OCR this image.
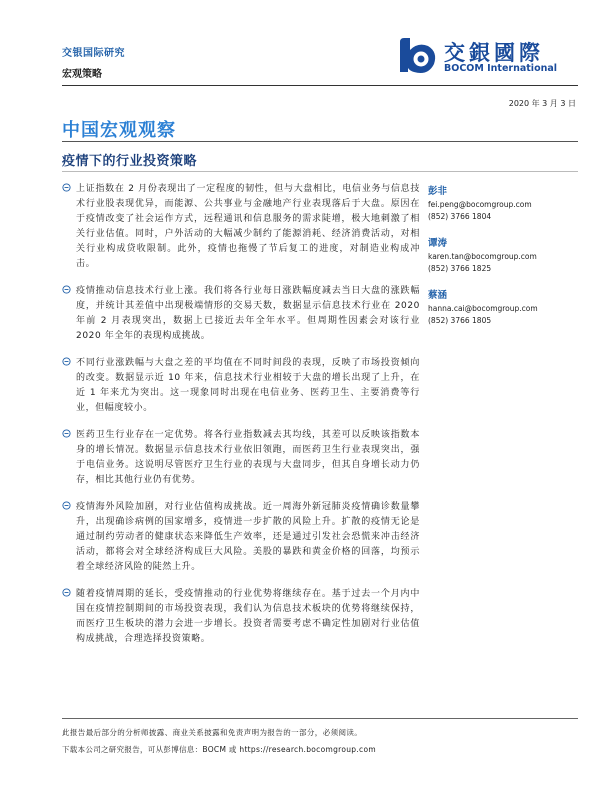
交银国际研究
宏观策略
交銀國際
BOCOM International
2020 年 3 月 3 日
中国宏观观察
疫情下的行业投资策略
上证指数在 2 月份表现出了一定程度的韧性，但与大盘相比，电信业务与信息技术行业股表现优异，而能源、公共事业与金融地产行业表现落后于大盘。原因在于疫情改变了社会运作方式，远程通讯和信息服务的需求陡增，极大地刺激了相关行业估值。同时，户外活动的大幅减少制约了能源消耗、经济消费活动，对相关行业构成贷收限制。此外，疫情也拖慢了节后复工的进度，对制造业构成冲击。
疫情推动信息技术行业上涨。我们将各行业每日涨跌幅度减去当日大盘的涨跌幅度，并统计其差值中出现极端情形的交易天数，数据显示信息技术行业在 2020 年前 2 月表现突出，数据上已接近去年全年水平。但周期性因素会对该行业 2020 年全年的表现构成挑战。
不同行业涨跌幅与大盘之差的平均值在不同时间段的表现，反映了市场投资倾向的改变。数据显示近 10 年来，信息技术行业相较于大盘的增长出现了上升，在近 1 年来尤为突出。这一现象同时出现在电信业务、医药卫生、主要消费等行业，但幅度较小。
医药卫生行业存在一定优势。将各行业指数减去其均线，其差可以反映该指数本身的增长情况。数据显示信息技术行业依旧领跑，而医药卫生行业表现突出，强于电信业务。这说明尽管医疗卫生行业的表现与大盘同步，但其自身增长动力仍存，相比其他行业仍有优势。
疫情海外风险加剧，对行业估值构成挑战。近一周海外新冠肺炎疫情确诊数量攀升，出现确诊病例的国家增多，疫情进一步扩散的风险上升。扩散的疫情无论是通过制约劳动者的健康状态来降低生产效率，还是通过引发社会恐慌来冲击经济活动，都将会对全球经济构成巨大风险。美股的暴跌和黄金价格的回落，均预示着全球经济风险的陡然上升。
随着疫情周期的延长，受疫情推动的行业优势将继续存在。基于过去一个月内中国在疫情控制期间的市场投资表现，我们认为信息技术板块的优势将继续保持，而医疗卫生板块的潜力会进一步增长。投资者需要考虑不确定性加剧对行业估值构成挑战，合理选择投资策略。
彭非
fei.peng@bocomgroup.com
(852) 3766 1804
谭涛
karen.tan@bocomgroup.com
(852) 3766 1825
蔡涵
hanna.cai@bocomgroup.com
(852) 3766 1805
此报告最后部分的分析师披露、商业关系披露和免责声明为报告的一部分，必须阅读。
下载本公司之研究报告，可从彭博信息：BOCM 或 https://research.bocomgroup.com
